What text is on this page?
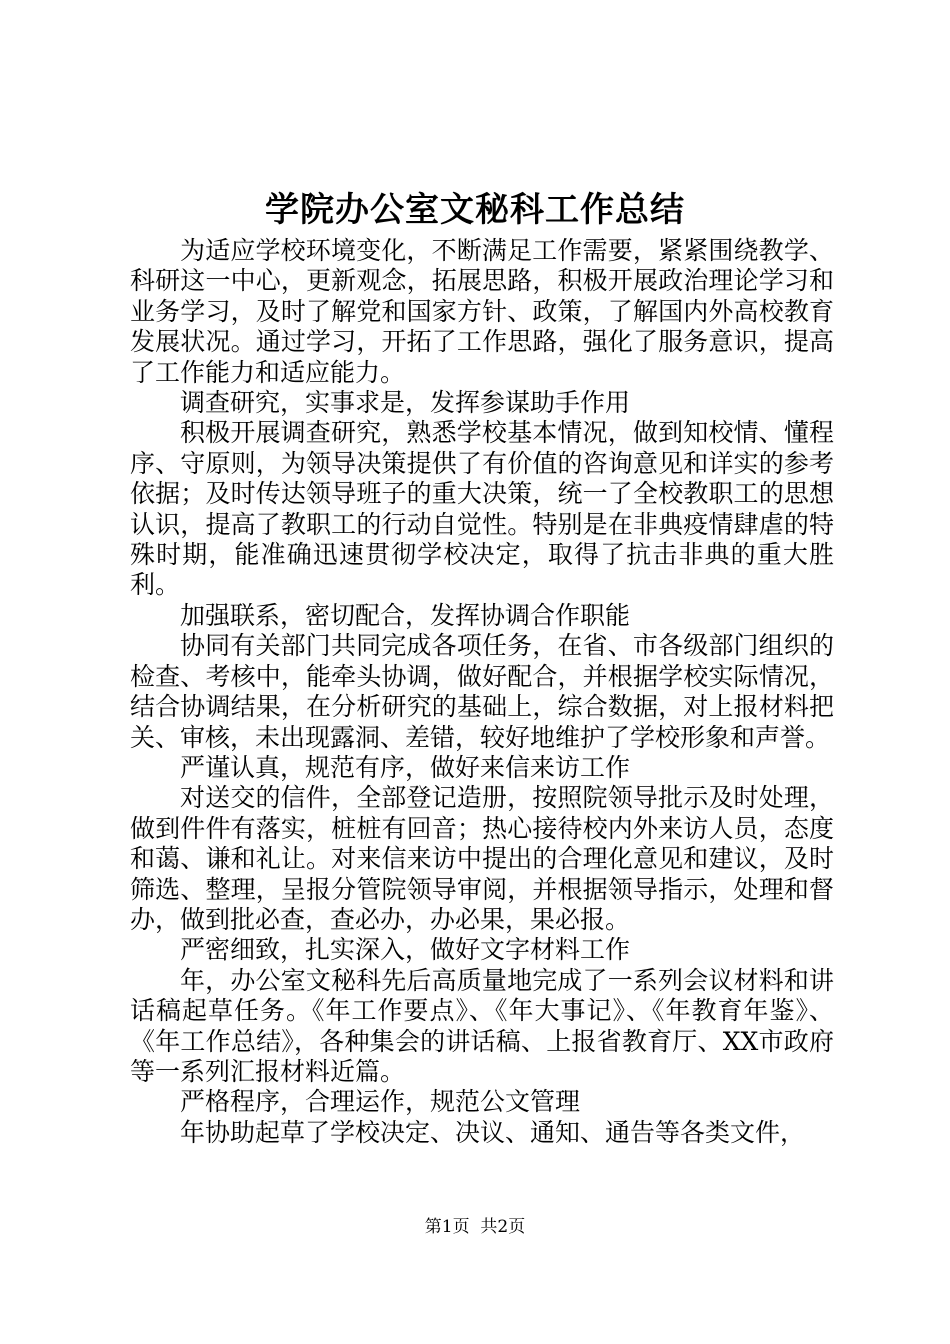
学院办公室文秘科工作总结

为适应学校环境变化，不断满足工作需要，紧紧围绕教学、科研这一中心，更新观念，拓展思路，积极开展政治理论学习和业务学习，及时了解党和国家方针、政策，了解国内外高校教育发展状况。通过学习，开拓了工作思路，强化了服务意识，提高了工作能力和适应能力。

调查研究，实事求是，发挥参谋助手作用

积极开展调查研究，熟悉学校基本情况，做到知校情、懂程序、守原则，为领导决策提供了有价值的咨询意见和详实的参考依据；及时传达领导班子的重大决策，统一了全校教职工的思想认识，提高了教职工的行动自觉性。特别是在非典疫情肆虐的特殊时期，能准确迅速贯彻学校决定，取得了抗击非典的重大胜利。

加强联系，密切配合，发挥协调合作职能

协同有关部门共同完成各项任务，在省、市各级部门组织的检查、考核中，能牵头协调，做好配合，并根据学校实际情况，结合协调结果，在分析研究的基础上，综合数据，对上报材料把关、审核，未出现露洞、差错，较好地维护了学校形象和声誉。

严谨认真，规范有序，做好来信来访工作

对送交的信件，全部登记造册，按照院领导批示及时处理，做到件件有落实，桩桩有回音；热心接待校内外来访人员，态度和蔼、谦和礼让。对来信来访中提出的合理化意见和建议，及时筛选、整理，呈报分管院领导审阅，并根据领导指示，处理和督办，做到批必查，查必办，办必果，果必报。

严密细致，扎实深入，做好文字材料工作

年，办公室文秘科先后高质量地完成了一系列会议材料和讲话稿起草任务。《年工作要点》、《年大事记》、《年教育年鉴》、《年工作总结》，各种集会的讲话稿、上报省教育厅、XX市政府等一系列汇报材料近篇。

严格程序，合理运作，规范公文管理

年协助起草了学校决定、决议、通知、通告等各类文件，

第1页 共2页
